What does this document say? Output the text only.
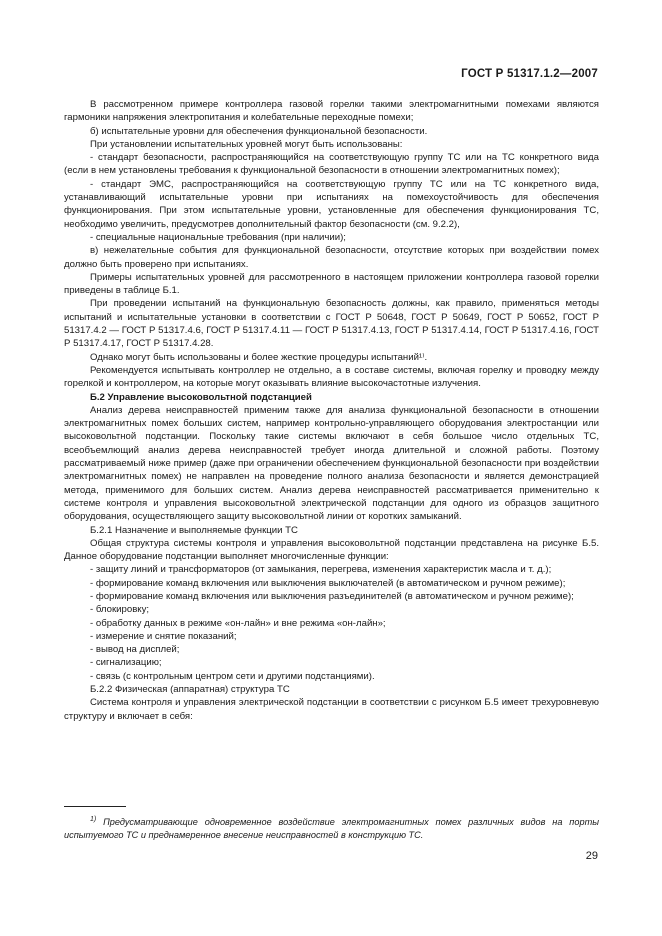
ГОСТ Р 51317.1.2—2007

В рассмотренном примере контроллера газовой горелки такими электромагнитными помехами являются гармоники напряжения электропитания и колебательные переходные помехи;

б) испытательные уровни для обеспечения функциональной безопасности.

При установлении испытательных уровней могут быть использованы:

- стандарт безопасности, распространяющийся на соответствующую группу ТС или на ТС конкретного вида (если в нем установлены требования к функциональной безопасности в отношении электромагнитных помех);

- стандарт ЭМС, распространяющийся на соответствующую группу ТС или на ТС конкретного вида, устанавливающий испытательные уровни при испытаниях на помехоустойчивость для обеспечения функционирования. При этом испытательные уровни, установленные для обеспечения функционирования ТС, необходимо увеличить, предусмотрев дополнительный фактор безопасности (см. 9.2.2),

- специальные национальные требования (при наличии);

в) нежелательные события для функциональной безопасности, отсутствие которых при воздействии помех должно быть проверено при испытаниях.

Примеры испытательных уровней для рассмотренного в настоящем приложении контроллера газовой горелки приведены в таблице Б.1.

При проведении испытаний на функциональную безопасность должны, как правило, применяться методы испытаний и испытательные установки в соответствии с ГОСТ Р 50648, ГОСТ Р 50649, ГОСТ Р 50652, ГОСТ Р 51317.4.2 — ГОСТ Р 51317.4.6, ГОСТ Р 51317.4.11 — ГОСТ Р 51317.4.13, ГОСТ Р 51317.4.14, ГОСТ Р 51317.4.16, ГОСТ Р 51317.4.17, ГОСТ Р 51317.4.28.

Однако могут быть использованы и более жесткие процедуры испытаний¹⁾.

Рекомендуется испытывать контроллер не отдельно, а в составе системы, включая горелку и проводку между горелкой и контроллером, на которые могут оказывать влияние высокочастотные излучения.

Б.2 Управление высоковольтной подстанцией

Анализ дерева неисправностей применим также для анализа функциональной безопасности в отношении электромагнитных помех больших систем, например контрольно-управляющего оборудования электростанции или высоковольтной подстанции. Поскольку такие системы включают в себя большое число отдельных ТС, всеобъемлющий анализ дерева неисправностей требует иногда длительной и сложной работы. Поэтому рассматриваемый ниже пример (даже при ограничении обеспечением функциональной безопасности при воздействии электромагнитных помех) не направлен на проведение полного анализа безопасности и является демонстрацией метода, применимого для больших систем. Анализ дерева неисправностей рассматривается применительно к системе контроля и управления высоковольтной электрической подстанции для одного из образцов защитного оборудования, осуществляющего защиту высоковольтной линии от коротких замыканий.

Б.2.1 Назначение и выполняемые функции ТС

Общая структура системы контроля и управления высоковольтной подстанции представлена на рисунке Б.5. Данное оборудование подстанции выполняет многочисленные функции:

- защиту линий и трансформаторов (от замыкания, перегрева, изменения характеристик масла и т. д.);

- формирование команд включения или выключения выключателей (в автоматическом и ручном режиме);

- формирование команд включения или выключения разъединителей (в автоматическом и ручном режиме);

- блокировку;

- обработку данных в режиме «он-лайн» и вне режима «он-лайн»;

- измерение и снятие показаний;

- вывод на дисплей;

- сигнализацию;

- связь (с контрольным центром сети и другими подстанциями).

Б.2.2 Физическая (аппаратная) структура ТС

Система контроля и управления электрической подстанции в соответствии с рисунком Б.5 имеет трехуровневую структуру и включает в себя:

$^{1)}$ Предусматривающие одновременное воздействие электромагнитных помех различных видов на порты испытуемого ТС и преднамеренное внесение неисправностей в конструкцию ТС.
29
